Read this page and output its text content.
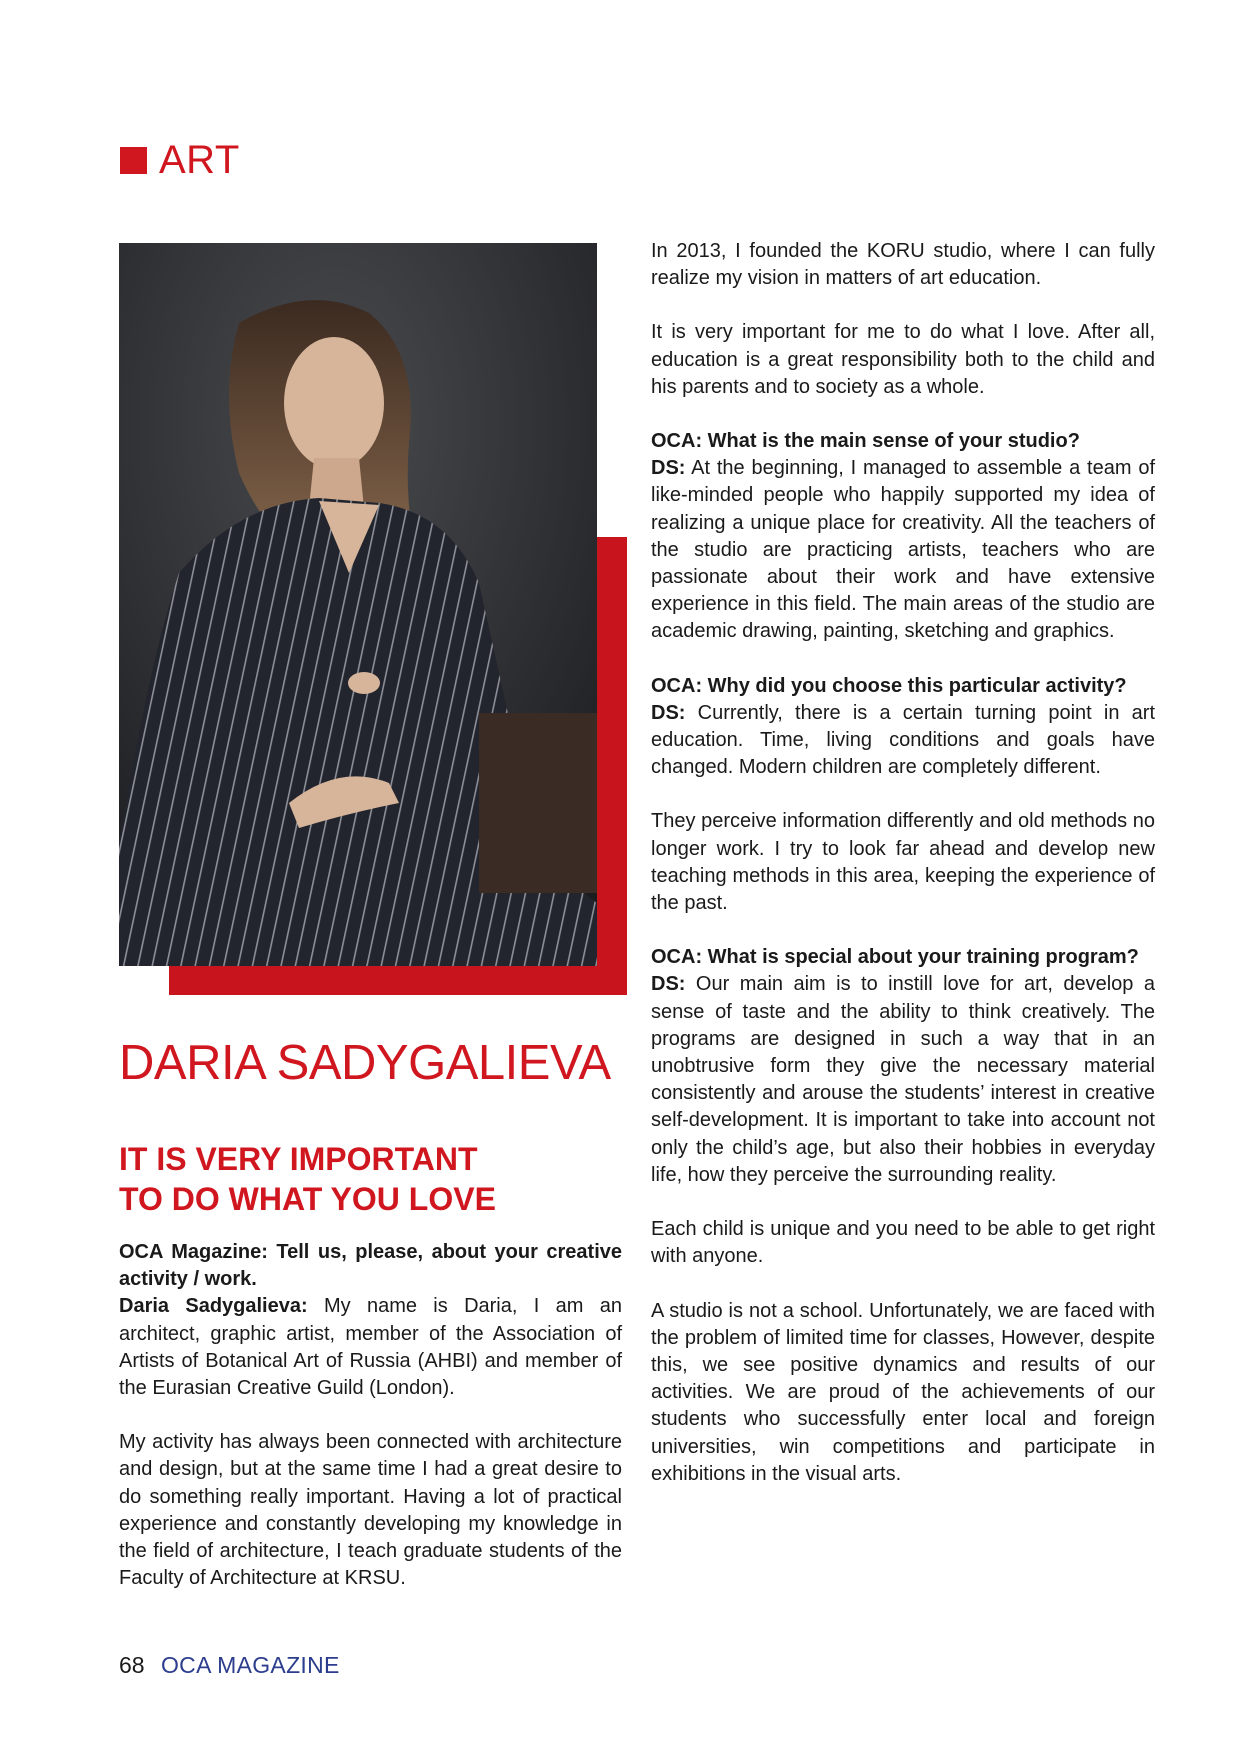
ART
DARIA SADYGALIEVA
IT IS VERY IMPORTANT
TO DO WHAT YOU LOVE

OCA Magazine: Tell us, please, about your creative activity / work.
Daria Sadygalieva: My name is Daria, I am an architect, graphic artist, member of the Association of Artists of Botanical Art of Russia (AHBI) and member of the Eurasian Creative Guild (London).

My activity has always been connected with architecture and design, but at the same time I had a great desire to do something really important. Having a lot of practical experience and constantly developing my knowledge in the field of architecture, I teach graduate students of the Faculty of Architecture at KRSU.

In 2013, I founded the KORU studio, where I can fully realize my vision in matters of art education.

It is very important for me to do what I love. After all, education is a great responsibility both to the child and his parents and to society as a whole.

OCA: What is the main sense of your studio?
DS: At the beginning, I managed to assemble a team of like-minded people who happily supported my idea of realizing a unique place for creativity. All the teachers of the studio are practicing artists, teachers who are passionate about their work and have extensive experience in this field. The main areas of the studio are academic drawing, painting, sketching and graphics.

OCA: Why did you choose this particular activity?
DS: Currently, there is a certain turning point in art education. Time, living conditions and goals have changed. Modern children are completely different.

They perceive information differently and old methods no longer work. I try to look far ahead and develop new teaching methods in this area, keeping the experience of the past.

OCA: What is special about your training program?
DS: Our main aim is to instill love for art, develop a sense of taste and the ability to think creatively. The programs are designed in such a way that in an unobtrusive form they give the necessary material consistently and arouse the students’ interest in creative self-development. It is important to take into account not only the child’s age, but also their hobbies in everyday life, how they perceive the surrounding reality.

Each child is unique and you need to be able to get right with anyone.

A studio is not a school. Unfortunately, we are faced with the problem of limited time for classes, However, despite this, we see positive dynamics and results of our activities. We are proud of the achievements of our students who successfully enter local and foreign universities, win competitions and participate in exhibitions in the visual arts.

68 OCA MAGAZINE
